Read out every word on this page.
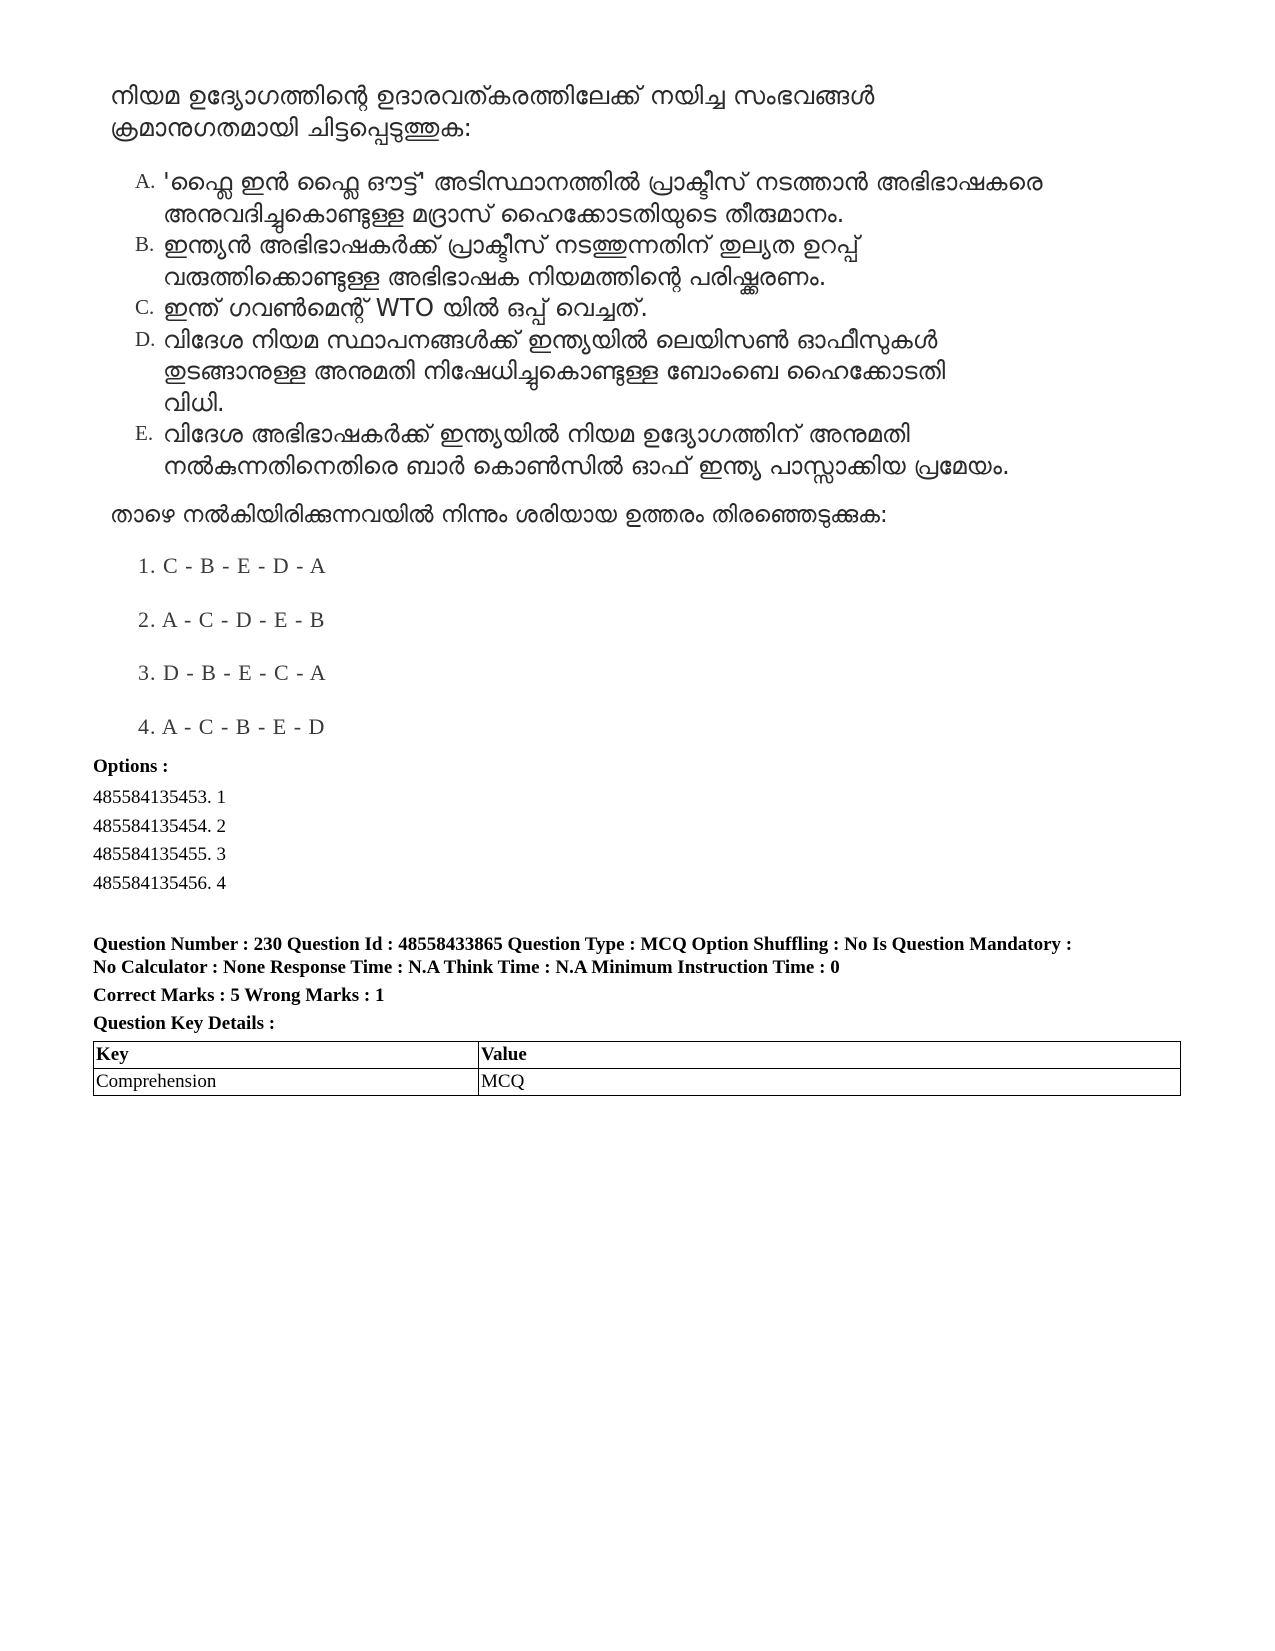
നിയമ ഉദ്യോഗത്തിന്റെ ഉദാരവത്കരത്തിലേക്ക് നയിച്ച സംഭവങ്ങൾ
ക്രമാനുഗതമായി ചിട്ടപ്പെടുത്തുക:
A. 'ഫ്ലൈ ഇൻ ഫ്ലൈ ഔട്ട്' അടിസ്ഥാനത്തിൽ പ്രാക്ടീസ് നടത്താൻ അഭിഭാഷകരെ
അനുവദിച്ചുകൊണ്ടുള്ള മദ്രാസ് ഹൈക്കോടതിയുടെ തീരുമാനം.
B. ഇന്ത്യൻ അഭിഭാഷകർക്ക് പ്രാക്ടീസ് നടത്തുന്നതിന് തുല്യത ഉറപ്പ്
വരുത്തിക്കൊണ്ടുള്ള അഭിഭാഷക നിയമത്തിന്റെ പരിഷ്ക്കരണം.
C. ഇന്ത് ഗവൺമെന്റ് WTO യിൽ ഒപ്പ് വെച്ചത്.
D. വിദേശ നിയമ സ്ഥാപനങ്ങൾക്ക് ഇന്ത്യയിൽ ലെയിസൺ ഓഫീസുകൾ
തുടങ്ങാനുള്ള അനുമതി നിഷേധിച്ചുകൊണ്ടുള്ള ബോംബെ ഹൈക്കോടതി
വിധി.
E. വിദേശ അഭിഭാഷകർക്ക് ഇന്ത്യയിൽ നിയമ ഉദ്യോഗത്തിന് അനുമതി
നൽകുന്നതിനെതിരെ ബാർ കൊൺസിൽ ഓഫ് ഇന്ത്യ പാസ്സാക്കിയ പ്രമേയം.
താഴെ നൽകിയിരിക്കുന്നവയിൽ നിന്നും ശരിയായ ഉത്തരം തിരഞ്ഞെടുക്കുക:
1. C - B - E - D - A
2. A - C - D - E - B
3. D - B - E - C - A
4. A - C - B - E - D
Options :
485584135453. 1
485584135454. 2
485584135455. 3
485584135456. 4
Question Number : 230 Question Id : 48558433865 Question Type : MCQ Option Shuffling : No Is Question Mandatory :
No Calculator : None Response Time : N.A Think Time : N.A Minimum Instruction Time : 0
Correct Marks : 5 Wrong Marks : 1
Question Key Details :
Key	Value
Comprehension	MCQ
